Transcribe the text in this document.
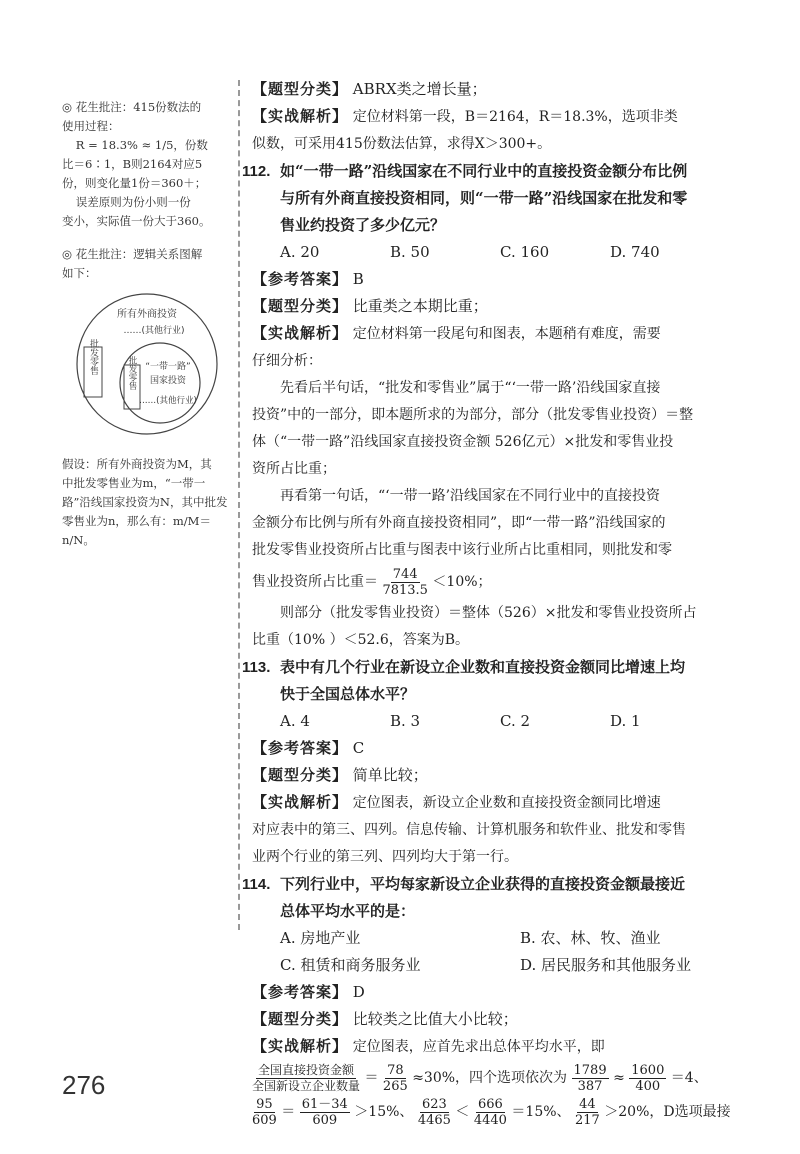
◎ 花生批注：415份数法的

使用过程：

R = 18.3% ≈ 1/5，份数

比＝6∶1，B则2164对应5

份，则变化量1份＝360＋；

误差原则为份小则一份

变小，实际值一份大于360。

◎ 花生批注：逻辑关系图解

如下：

所有外商投资
……(其他行业)
批发零售	批发零售 “一带一路”
国家投资
……(其他行业)

假设：所有外商投资为M，其

中批发零售业为m，“一带一

路”沿线国家投资为N，其中批发

零售业为n，那么有：m/M＝n/N。

【题型分类】 ABRX类之增长量；

【实战解析】 定位材料第一段，B＝2164，R＝18.3%，选项非类

似数，可采用415份数法估算，求得X＞300+。

112. 如“一带一路”沿线国家在不同行业中的直接投资金额分布比例

与所有外商直接投资相同，则“一带一路”沿线国家在批发和零

售业约投资了多少亿元？

A. 20	B. 50	C. 160	D. 740

【参考答案】 B

【题型分类】 比重类之本期比重；

【实战解析】 定位材料第一段尾句和图表，本题稍有难度，需要

仔细分析：

先看后半句话，“批发和零售业”属于“‘一带一路’沿线国家直接

投资”中的一部分，即本题所求的为部分，部分（批发零售业投资）＝整

体（“一带一路”沿线国家直接投资金额 526亿元）×批发和零售业投

资所占比重；

再看第一句话，“‘一带一路’沿线国家在不同行业中的直接投资

金额分布比例与所有外商直接投资相同”，即“一带一路”沿线国家的

批发零售业投资所占比重与图表中该行业所占比重相同，则批发和零

售业投资所占比重＝ $\frac{744}{7813.5} <10\%$；

则部分（批发零售业投资）＝整体（526）×批发和零售业投资所占

比重（10% ）＜52.6，答案为B。

113. 表中有几个行业在新设立企业数和直接投资金额同比增速上均

快于全国总体水平？

A. 4	B. 3	C. 2	D. 1

【参考答案】 C

【题型分类】 简单比较；

【实战解析】 定位图表，新设立企业数和直接投资金额同比增速

对应表中的第三、四列。信息传输、计算机服务和软件业、批发和零售

业两个行业的第三列、四列均大于第一行。

114. 下列行业中，平均每家新设立企业获得的直接投资金额最接近

总体平均水平的是：

A. 房地产业	B. 农、林、牧、渔业
C. 租赁和商务服务业	D. 居民服务和其他服务业

【参考答案】 D

【题型分类】 比较类之比值大小比较；

【实战解析】 定位图表，应首先求出总体平均水平，即

全国直接投资金额
全国新设立企业数量 ＝ $\frac{78}{265} \approx 30\%$，四个选项依次为 $\frac{1789}{387} \approx \frac{1600}{400} =4$、

$\frac{95}{609} = \frac{61-34}{609} >15\%$、 $\frac{623}{4465} < \frac{666}{4440} =15\%$、 $\frac{44}{217} >20\%$，D选项最接

276
